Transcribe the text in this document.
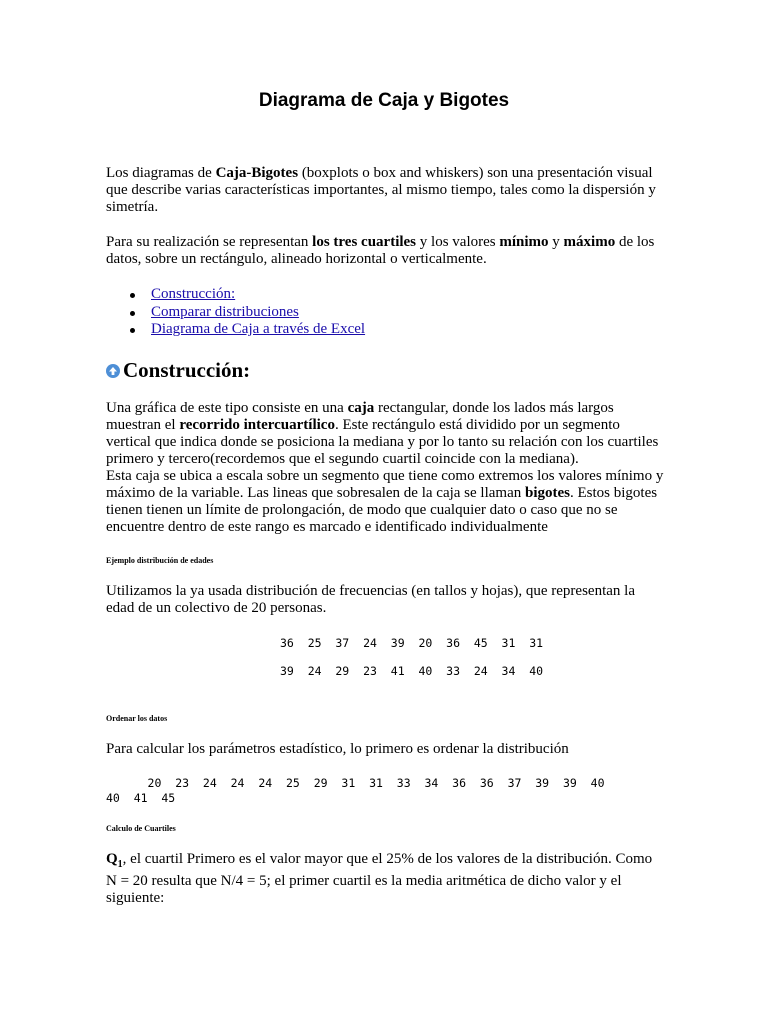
Diagrama de Caja y Bigotes

Los diagramas de Caja-Bigotes (boxplots o box and whiskers) son una presentación visual que describe varias características importantes, al mismo tiempo, tales como la dispersión y simetría.

Para su realización se representan los tres cuartiles y los valores mínimo y máximo de los datos, sobre un rectángulo, alineado horizontal o verticalmente.

Construcción:
Comparar distribuciones
Diagrama de Caja a través de Excel
Construcción:

Una gráfica de este tipo consiste en una caja rectangular, donde los lados más largos muestran el recorrido intercuartílico. Este rectángulo está dividido por un segmento vertical que indica donde se posiciona la mediana y por lo tanto su relación con los cuartiles primero y tercero(recordemos que el segundo cuartil coincide con la mediana).
Esta caja se ubica a escala sobre un segmento que tiene como extremos los valores mínimo y máximo de la variable. Las lineas que sobresalen de la caja se llaman bigotes. Estos bigotes tienen tienen un límite de prolongación, de modo que cualquier dato o caso que no se encuentre dentro de este rango es marcado e identificado individualmente

Ejemplo distribución de edades

Utilizamos la ya usada distribución de frecuencias (en tallos y hojas), que representan la edad de un colectivo de 20 personas.

36  25  37  24  39  20  36  45  31  31

39  24  29  23  41  40  33  24  34  40

Ordenar los datos

Para calcular los parámetros estadístico, lo primero es ordenar la distribución

20  23  24  24  24  25  29  31  31  33  34  36  36  37  39  39  40

40  41  45

Calculo de Cuartiles

$Q_1$, el cuartil Primero es el valor mayor que el 25% de los valores de la distribución. Como N = 20 resulta que N/4 = 5; el primer cuartil es la media aritmética de dicho valor y el siguiente:
